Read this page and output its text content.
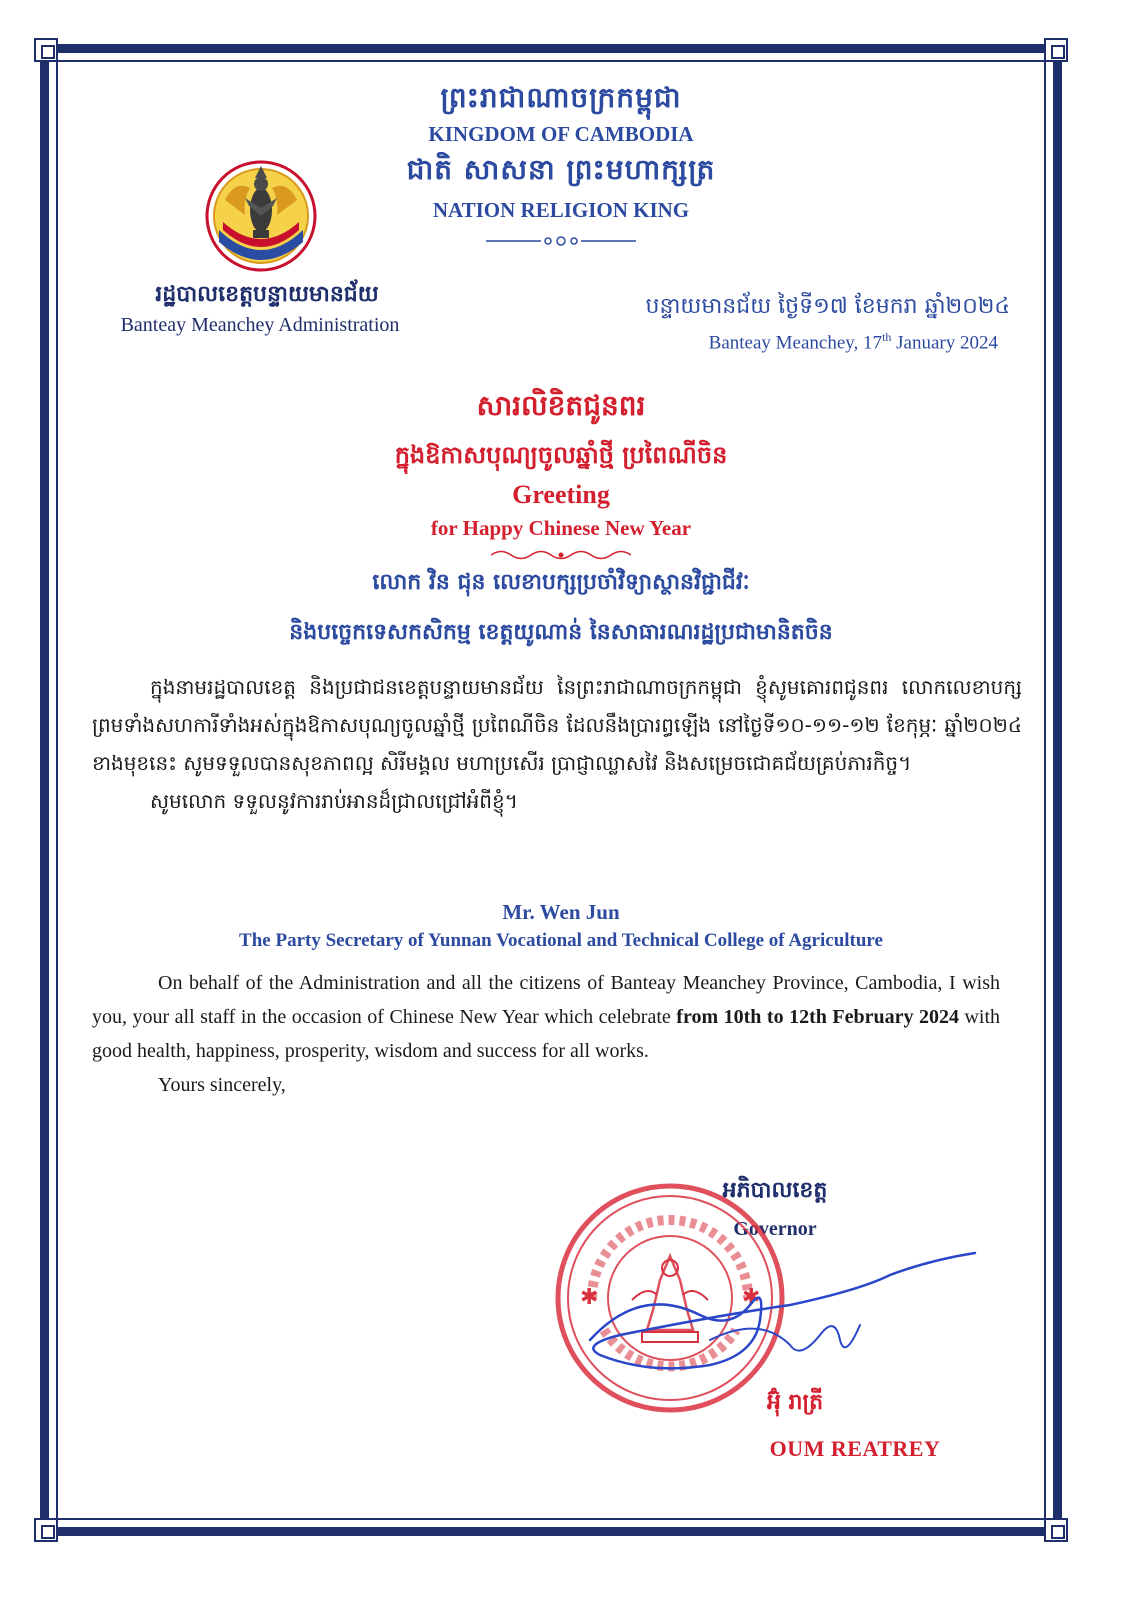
ព្រះរាជាណាចក្រកម្ពុជា
KINGDOM OF CAMBODIA
ជាតិ សាសនា ព្រះមហាក្សត្រ
NATION RELIGION KING
រដ្ឋបាលខេត្តបន្ទាយមានជ័យ
Banteay Meanchey Administration
បន្ទាយមានជ័យ ថ្ងៃទី១៧ ខែមករា ឆ្នាំ២០២៤
Banteay Meanchey, 17th January 2024
សារលិខិតជូនពរ
ក្នុងឱកាសបុណ្យចូលឆ្នាំថ្មី ប្រពៃណីចិន
Greeting
for Happy Chinese New Year
លោក វិន ជុន លេខាបក្សប្រចាំវិទ្យាស្ថានវិជ្ជាជីវៈ
និងបច្ចេកទេសកសិកម្ម ខេត្តយូណាន់ នៃសាធារណរដ្ឋប្រជាមានិតចិន

ក្នុងនាមរដ្ឋបាលខេត្ត និងប្រជាជនខេត្តបន្ទាយមានជ័យ នៃព្រះរាជាណាចក្រកម្ពុជា ខ្ញុំសូមគោរពជូនពរ លោកលេខាបក្ស ព្រមទាំងសហការីទាំងអស់ក្នុងឱកាសបុណ្យចូលឆ្នាំថ្មី ប្រពៃណីចិន ដែលនឹងប្រារព្ធឡើង នៅថ្ងៃទី១០-១១-១២ ខែកុម្ភៈ ឆ្នាំ២០២៤ ខាងមុខនេះ សូមទទួលបានសុខភាពល្អ សិរីមង្គល មហាប្រសើរ ប្រាជ្ញាឈ្លាសវៃ និងសម្រេចជោគជ័យគ្រប់ភារកិច្ច។

សូមលោក ទទួលនូវការរាប់អានដ៏ជ្រាលជ្រៅអំពីខ្ញុំ។

Mr. Wen Jun
The Party Secretary of Yunnan Vocational and Technical College of Agriculture

On behalf of the Administration and all the citizens of Banteay Meanchey Province, Cambodia, I wish you, your all staff in the occasion of Chinese New Year which celebrate from 10th to 12th February 2024 with good health, happiness, prosperity, wisdom and success for all works.

Yours sincerely,

អភិបាលខេត្ត
Governor
✱	✱
អ៊ុំ រាត្រី
OUM REATREY
